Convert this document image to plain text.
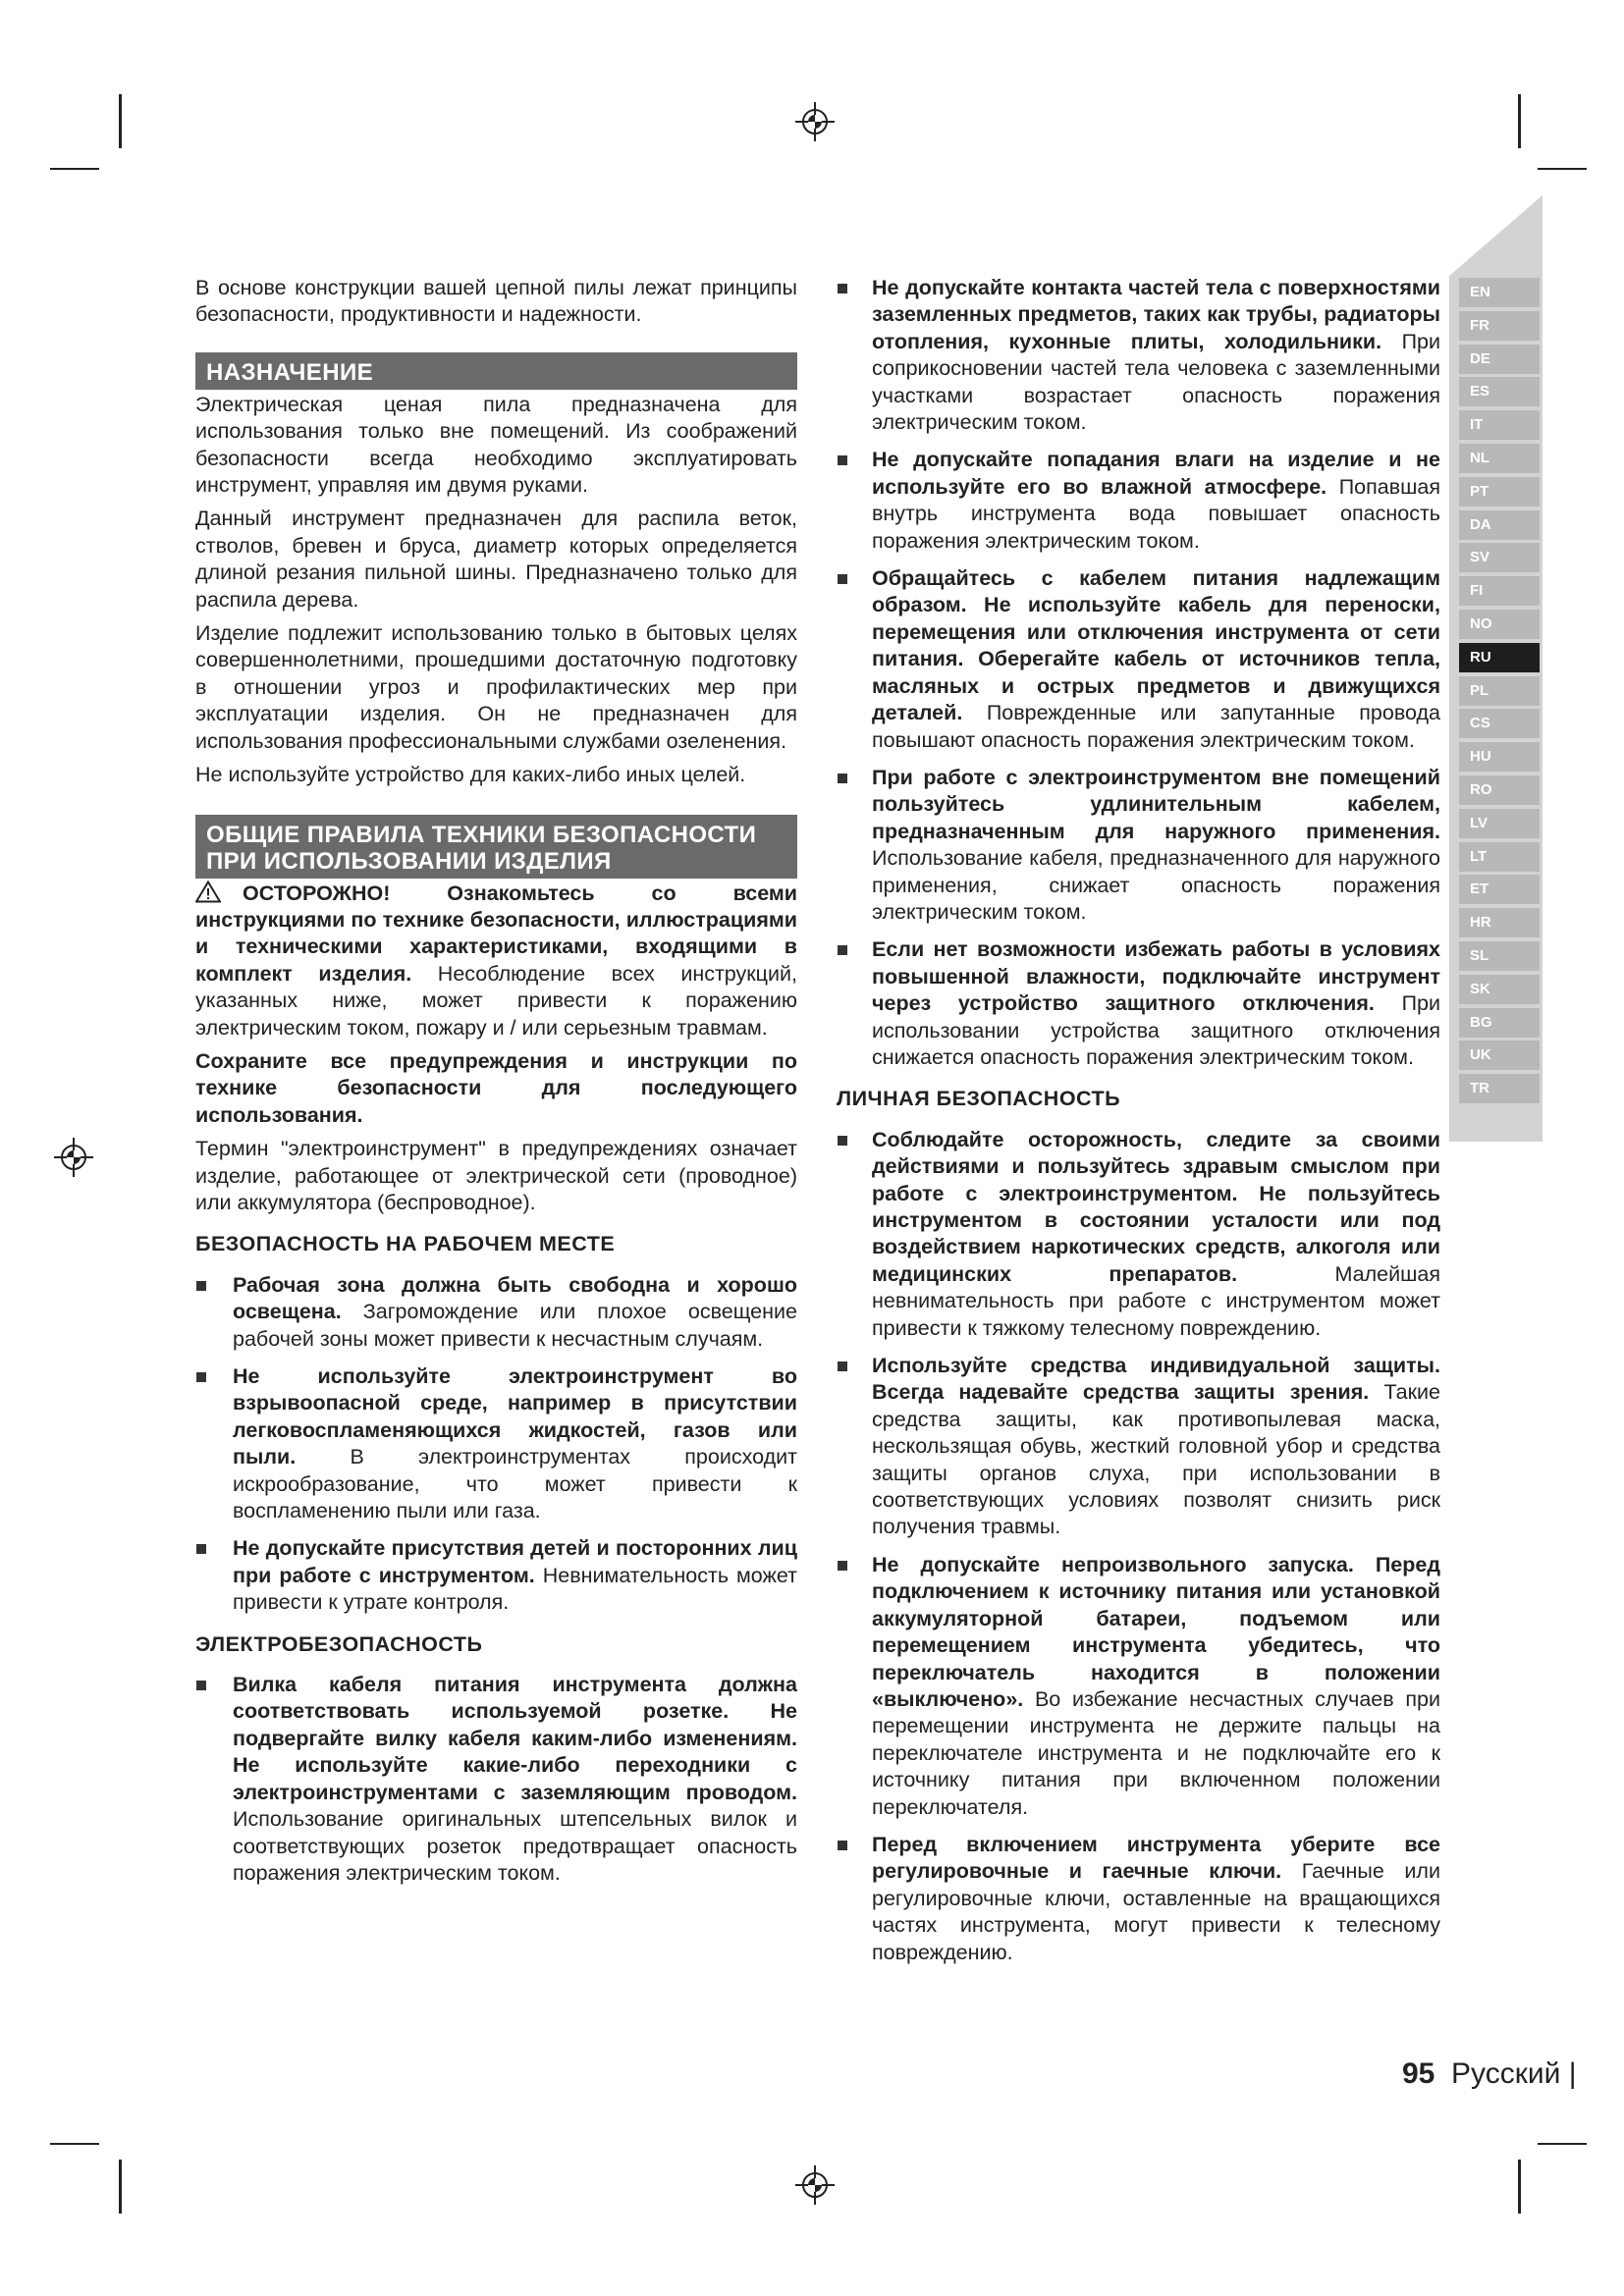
EN
FR
DE
ES
IT
NL
PT
DA
SV
FI
NO
RU
PL
CS
HU
RO
LV
LT
ET
HR
SL
SK
BG
UK
TR

В основе конструкции вашей цепной пилы лежат принципы безопасности, продуктивности и надежности.

НАЗНАЧЕНИЕ

Электрическая ценая пила предназначена для использования только вне помещений. Из соображений безопасности всегда необходимо эксплуатировать инструмент, управляя им двумя руками.

Данный инструмент предназначен для распила веток, стволов, бревен и бруса, диаметр которых определяется длиной резания пильной шины. Предназначено только для распила дерева.

Изделие подлежит использованию только в бытовых целях совершеннолетними, прошедшими достаточную подготовку в отношении угроз и профилактических мер при эксплуатации изделия. Он не предназначен для использования профессиональными службами озеленения.

Не используйте устройство для каких-либо иных целей.

ОБЩИЕ ПРАВИЛА ТЕХНИКИ БЕЗОПАСНОСТИ
ПРИ ИСПОЛЬЗОВАНИИ ИЗДЕЛИЯ

ОСТОРОЖНО! Ознакомьтесь со всеми инструкциями по технике безопасности, иллюстрациями и техническими характеристиками, входящими в комплект изделия. Несоблюдение всех инструкций, указанных ниже, может привести к поражению электрическим током, пожару и / или серьезным травмам.

Сохраните все предупреждения и инструкции по технике безопасности для последующего использования.

Термин "электроинструмент" в предупреждениях означает изделие, работающее от электрической сети (проводное) или аккумулятора (беспроводное).

БЕЗОПАСНОСТЬ НА РАБОЧЕМ МЕСТЕ
Рабочая зона должна быть свободна и хорошо освещена. Загромождение или плохое освещение рабочей зоны может привести к несчастным случаям.
Не используйте электроинструмент во взрывоопасной среде, например в присутствии легковоспламеняющихся жидкостей, газов или пыли.	В электроинструментах происходит искрообразование, что может привести к воспламенению пыли или газа.
Не допускайте присутствия детей и посторонних лиц при работе с инструментом. Невнимательность может привести к утрате контроля.
ЭЛЕКТРОБЕЗОПАСНОСТЬ
Вилка кабеля питания инструмента должна соответствовать используемой розетке. Не подвергайте вилку кабеля каким-либо изменениям. Не используйте какие-либо переходники с электроинструментами с заземляющим проводом. Использование оригинальных штепсельных вилок и соответствующих розеток предотвращает опасность поражения электрическим током.
Не допускайте контакта частей тела с поверхностями заземленных предметов, таких как трубы, радиаторы отопления, кухонные плиты, холодильники. При соприкосновении частей тела человека с заземленными участками возрастает опасность поражения электрическим током.
Не допускайте попадания влаги на изделие и не используйте его во влажной атмосфере. Попавшая внутрь инструмента вода повышает опасность поражения электрическим током.
Обращайтесь с кабелем питания надлежащим образом. Не используйте кабель для переноски, перемещения или отключения инструмента от сети питания. Оберегайте кабель от источников тепла, масляных и острых предметов и движущихся деталей. Поврежденные или запутанные провода повышают опасность поражения электрическим током.
При работе с электроинструментом вне помещений пользуйтесь удлинительным кабелем, предназначенным для наружного применения. Использование кабеля, предназначенного для наружного применения, снижает опасность поражения электрическим током.
Если нет возможности избежать работы в условиях повышенной влажности, подключайте инструмент через устройство защитного отключения. При использовании устройства защитного отключения снижается опасность поражения электрическим током.
ЛИЧНАЯ БЕЗОПАСНОСТЬ
Соблюдайте осторожность, следите за своими действиями и пользуйтесь здравым смыслом при работе с электроинструментом. Не пользуйтесь инструментом в состоянии усталости или под воздействием наркотических средств, алкоголя или медицинских препаратов.	Малейшая невнимательность при работе с инструментом может привести к тяжкому телесному повреждению.
Используйте средства индивидуальной защиты. Всегда надевайте средства защиты зрения. Такие средства защиты, как противопылевая маска, нескользящая обувь, жесткий головной убор и средства защиты органов слуха, при использовании в соответствующих условиях позволят снизить риск получения травмы.
Не допускайте непроизвольного запуска. Перед подключением к источнику питания или установкой аккумуляторной батареи, подъемом или перемещением инструмента убедитесь, что переключатель находится в положении «выключено». Во избежание несчастных случаев при перемещении инструмента не держите пальцы на переключателе инструмента и не подключайте его к источнику питания при включенном положении переключателя.
Перед включением инструмента уберите все регулировочные и гаечные ключи. Гаечные или регулировочные ключи, оставленные на вращающихся частях инструмента, могут привести к телесному повреждению.
95 Русский |
